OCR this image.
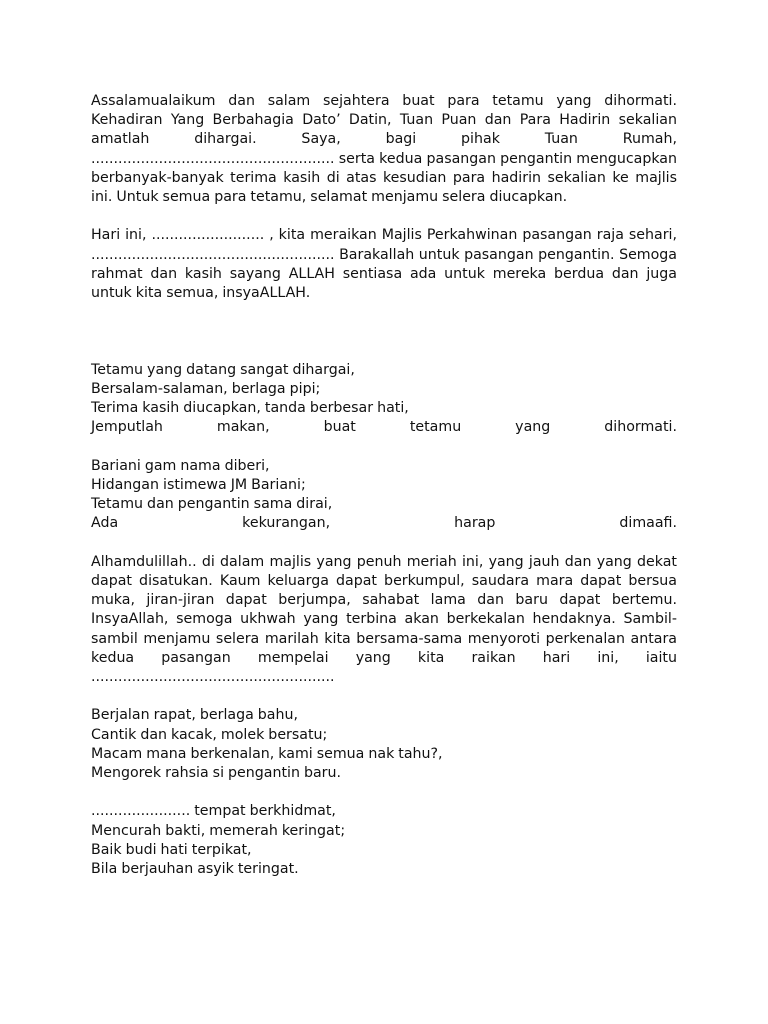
Assalamualaikum dan salam sejahtera buat para tetamu yang dihormati. Kehadiran Yang Berbahagia Dato’ Datin, Tuan Puan dan Para Hadirin sekalian amatlah dihargai. Saya, bagi pihak Tuan Rumah, ...................................................... serta kedua pasangan pengantin mengucapkan berbanyak-banyak terima kasih di atas kesudian para hadirin sekalian ke majlis ini. Untuk semua para tetamu, selamat menjamu selera diucapkan.

Hari ini, ......................... , kita meraikan Majlis Perkahwinan pasangan raja sehari, ...................................................... Barakallah untuk pasangan pengantin. Semoga rahmat dan kasih sayang ALLAH sentiasa ada untuk mereka berdua dan juga untuk kita semua, insyaALLAH.

Tetamu yang datang sangat dihargai,
Bersalam-salaman, berlaga pipi;
Terima kasih diucapkan, tanda berbesar hati,
Jemputlah makan, buat tetamu yang dihormati.
Bariani gam nama diberi,
Hidangan istimewa JM Bariani;
Tetamu dan pengantin sama dirai,
Ada kekurangan, harap dimaafi.

Alhamdulillah.. di dalam majlis yang penuh meriah ini, yang jauh dan yang dekat dapat disatukan. Kaum keluarga dapat berkumpul, saudara mara dapat bersua muka, jiran-jiran dapat berjumpa, sahabat lama dan baru dapat bertemu. InsyaAllah, semoga ukhwah yang terbina akan berkekalan hendaknya. Sambil-sambil menjamu selera marilah kita bersama-sama menyoroti perkenalan antara kedua pasangan mempelai yang kita raikan hari ini, iaitu ......................................................

Berjalan rapat, berlaga bahu,
Cantik dan kacak, molek bersatu;
Macam mana berkenalan, kami semua nak tahu?,
Mengorek rahsia si pengantin baru.
...................... tempat berkhidmat,
Mencurah bakti, memerah keringat;
Baik budi hati terpikat,
Bila berjauhan asyik teringat.
